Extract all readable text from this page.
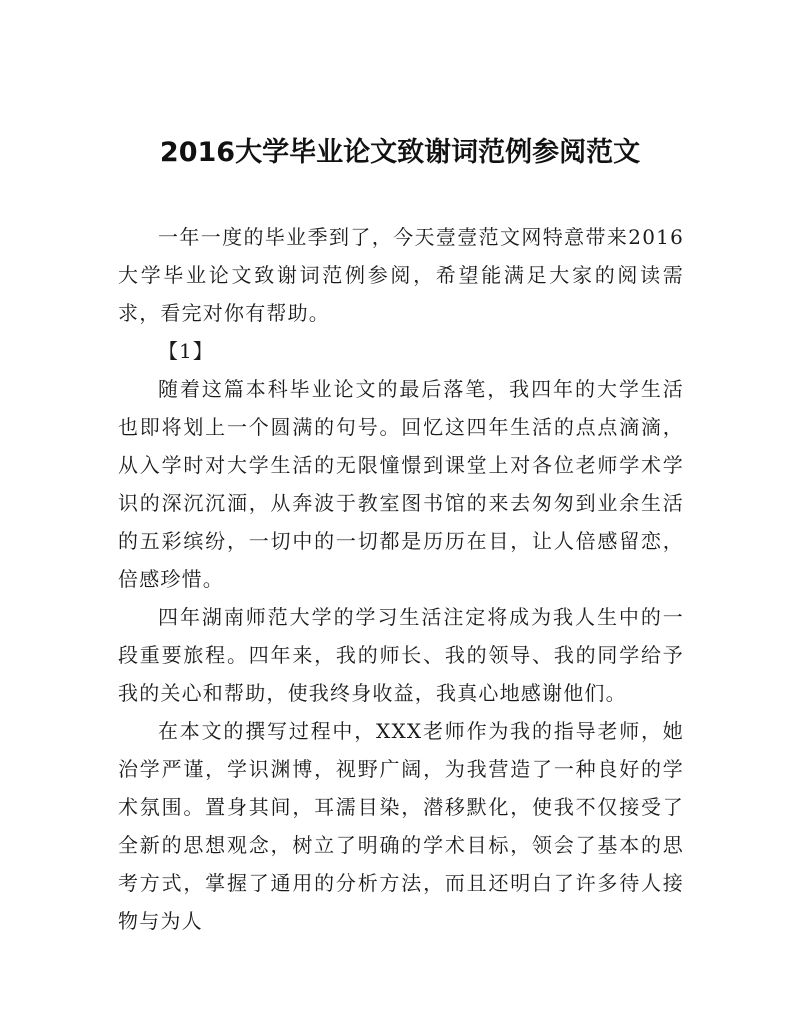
2016大学毕业论文致谢词范例参阅范文

一年一度的毕业季到了，今天壹壹范文网特意带来2016大学毕业论文致谢词范例参阅，希望能满足大家的阅读需求，看完对你有帮助。

【1】

随着这篇本科毕业论文的最后落笔，我四年的大学生活也即将划上一个圆满的句号。回忆这四年生活的点点滴滴，从入学时对大学生活的无限憧憬到课堂上对各位老师学术学识的深沉沉湎，从奔波于教室图书馆的来去匆匆到业余生活的五彩缤纷，一切中的一切都是历历在目，让人倍感留恋，倍感珍惜。

四年湖南师范大学的学习生活注定将成为我人生中的一段重要旅程。四年来，我的师长、我的领导、我的同学给予我的关心和帮助，使我终身收益，我真心地感谢他们。

在本文的撰写过程中，XXX老师作为我的指导老师，她治学严谨，学识渊博，视野广阔，为我营造了一种良好的学术氛围。置身其间，耳濡目染，潜移默化，使我不仅接受了全新的思想观念，树立了明确的学术目标，领会了基本的思考方式，掌握了通用的分析方法，而且还明白了许多待人接物与为人
